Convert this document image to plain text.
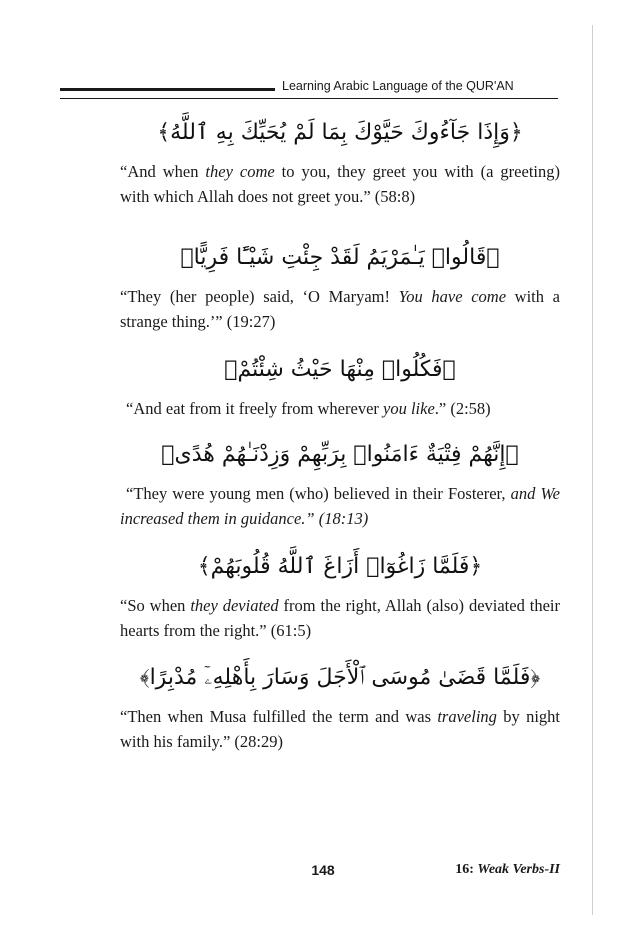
Learning Arabic Language of the QUR'AN
﴿وَإِذَا جَآءُوكَ حَيَّوْكَ بِمَا لَمْ يُحَيِّكَ بِهِ ٱللَّهُ﴾
“And when they come to you, they greet you with (a greeting) with which Allah does not greet you.” (58:8)
﴿قَالُوا۟ يَـٰمَرْيَمُ لَقَدْ جِئْتِ شَيْـًٔا فَرِيًّا﴾
“They (her people) said, ‘O Maryam! You have come with a strange thing.’” (19:27)
﴿فَكُلُوا۟ مِنْهَا حَيْثُ شِئْتُمْ﴾
“And eat from it freely from wherever you like.” (2:58)
﴿إِنَّهُمْ فِتْيَةٌ ءَامَنُوا۟ بِرَبِّهِمْ وَزِدْنَـٰهُمْ هُدًى﴾
“They were young men (who) believed in their Fosterer, and We increased them in guidance.” (18:13)
﴿فَلَمَّا زَاغُوٓا۟ أَزَاغَ ٱللَّهُ قُلُوبَهُمْ﴾
“So when they deviated from the right, Allah (also) deviated their hearts from the right.” (61:5)
﴿فَلَمَّا قَضَىٰ مُوسَى ٱلْأَجَلَ وَسَارَ بِأَهْلِهِۦٓ مُدْبِرًا﴾
“Then when Musa fulfilled the term and was traveling by night with his family.” (28:29)
148	16: Weak Verbs-II
